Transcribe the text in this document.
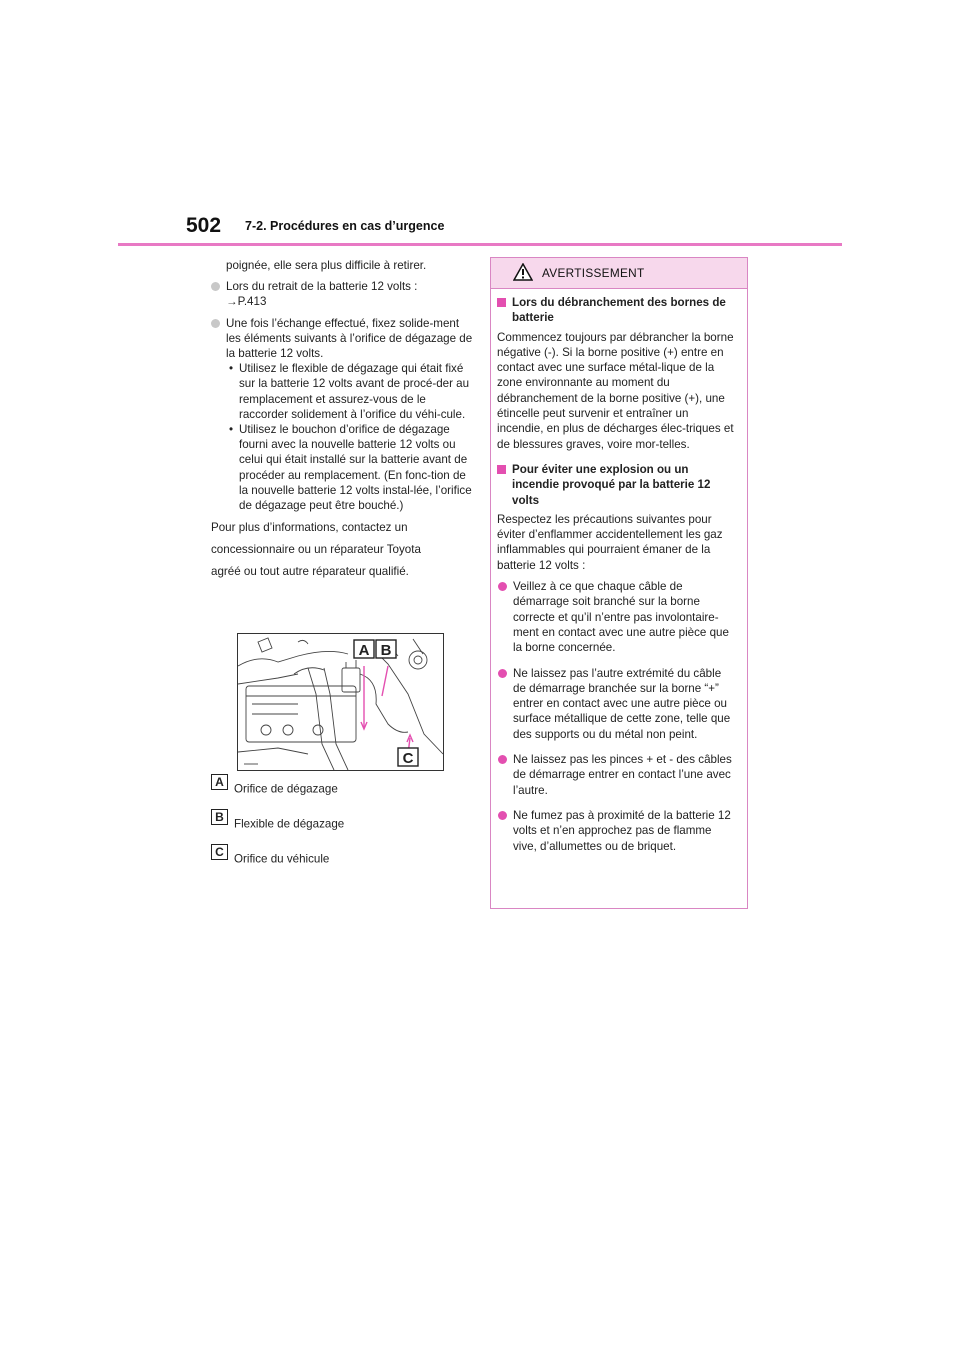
502 7-2. Procédures en cas d’urgence

poignée, elle sera plus difficile à retirer.

Lors du retrait de la batterie 12 volts :
→P.413
Une fois l’échange effectué, fixez solide-ment les éléments suivants à l’orifice de dégazage de la batterie 12 volts.
• Utilisez le flexible de dégazage qui était fixé sur la batterie 12 volts avant de procé-der au remplacement et assurez-vous de le raccorder solidement à l’orifice du véhi-cule.
• Utilisez le bouchon d’orifice de dégazage fourni avec la nouvelle batterie 12 volts ou celui qui était installé sur la batterie avant de procéder au remplacement. (En fonc-tion de la nouvelle batterie 12 volts instal-lée, l’orifice de dégazage peut être bouché.)

Pour plus d’informations, contactez un

concessionnaire ou un réparateur Toyota

agréé ou tout autre réparateur qualifié.

A B
C
A Orifice de dégazage
B Flexible de dégazage
C Orifice du véhicule
AVERTISSEMENT
Lors du débranchement des bornes de batterie

Commencez toujours par débrancher la borne négative (-). Si la borne positive (+) entre en contact avec une surface métal-lique de la zone environnante au moment du débranchement de la borne positive (+), une étincelle peut survenir et entraîner un incendie, en plus de décharges élec-triques et de blessures graves, voire mor-telles.

Pour éviter une explosion ou un incendie provoqué par la batterie 12 volts

Respectez les précautions suivantes pour éviter d’enflammer accidentellement les gaz inflammables qui pourraient émaner de la batterie 12 volts :

Veillez à ce que chaque câble de démarrage soit branché sur la borne correcte et qu’il n’entre pas involontaire-ment en contact avec une autre pièce que la borne concernée.
Ne laissez pas l’autre extrémité du câble de démarrage branchée sur la borne “+” entrer en contact avec une autre pièce ou surface métallique de cette zone, telle que des supports ou du métal non peint.
Ne laissez pas les pinces + et - des câbles de démarrage entrer en contact l’une avec l’autre.
Ne fumez pas à proximité de la batterie 12 volts et n’en approchez pas de flamme vive, d’allumettes ou de briquet.
